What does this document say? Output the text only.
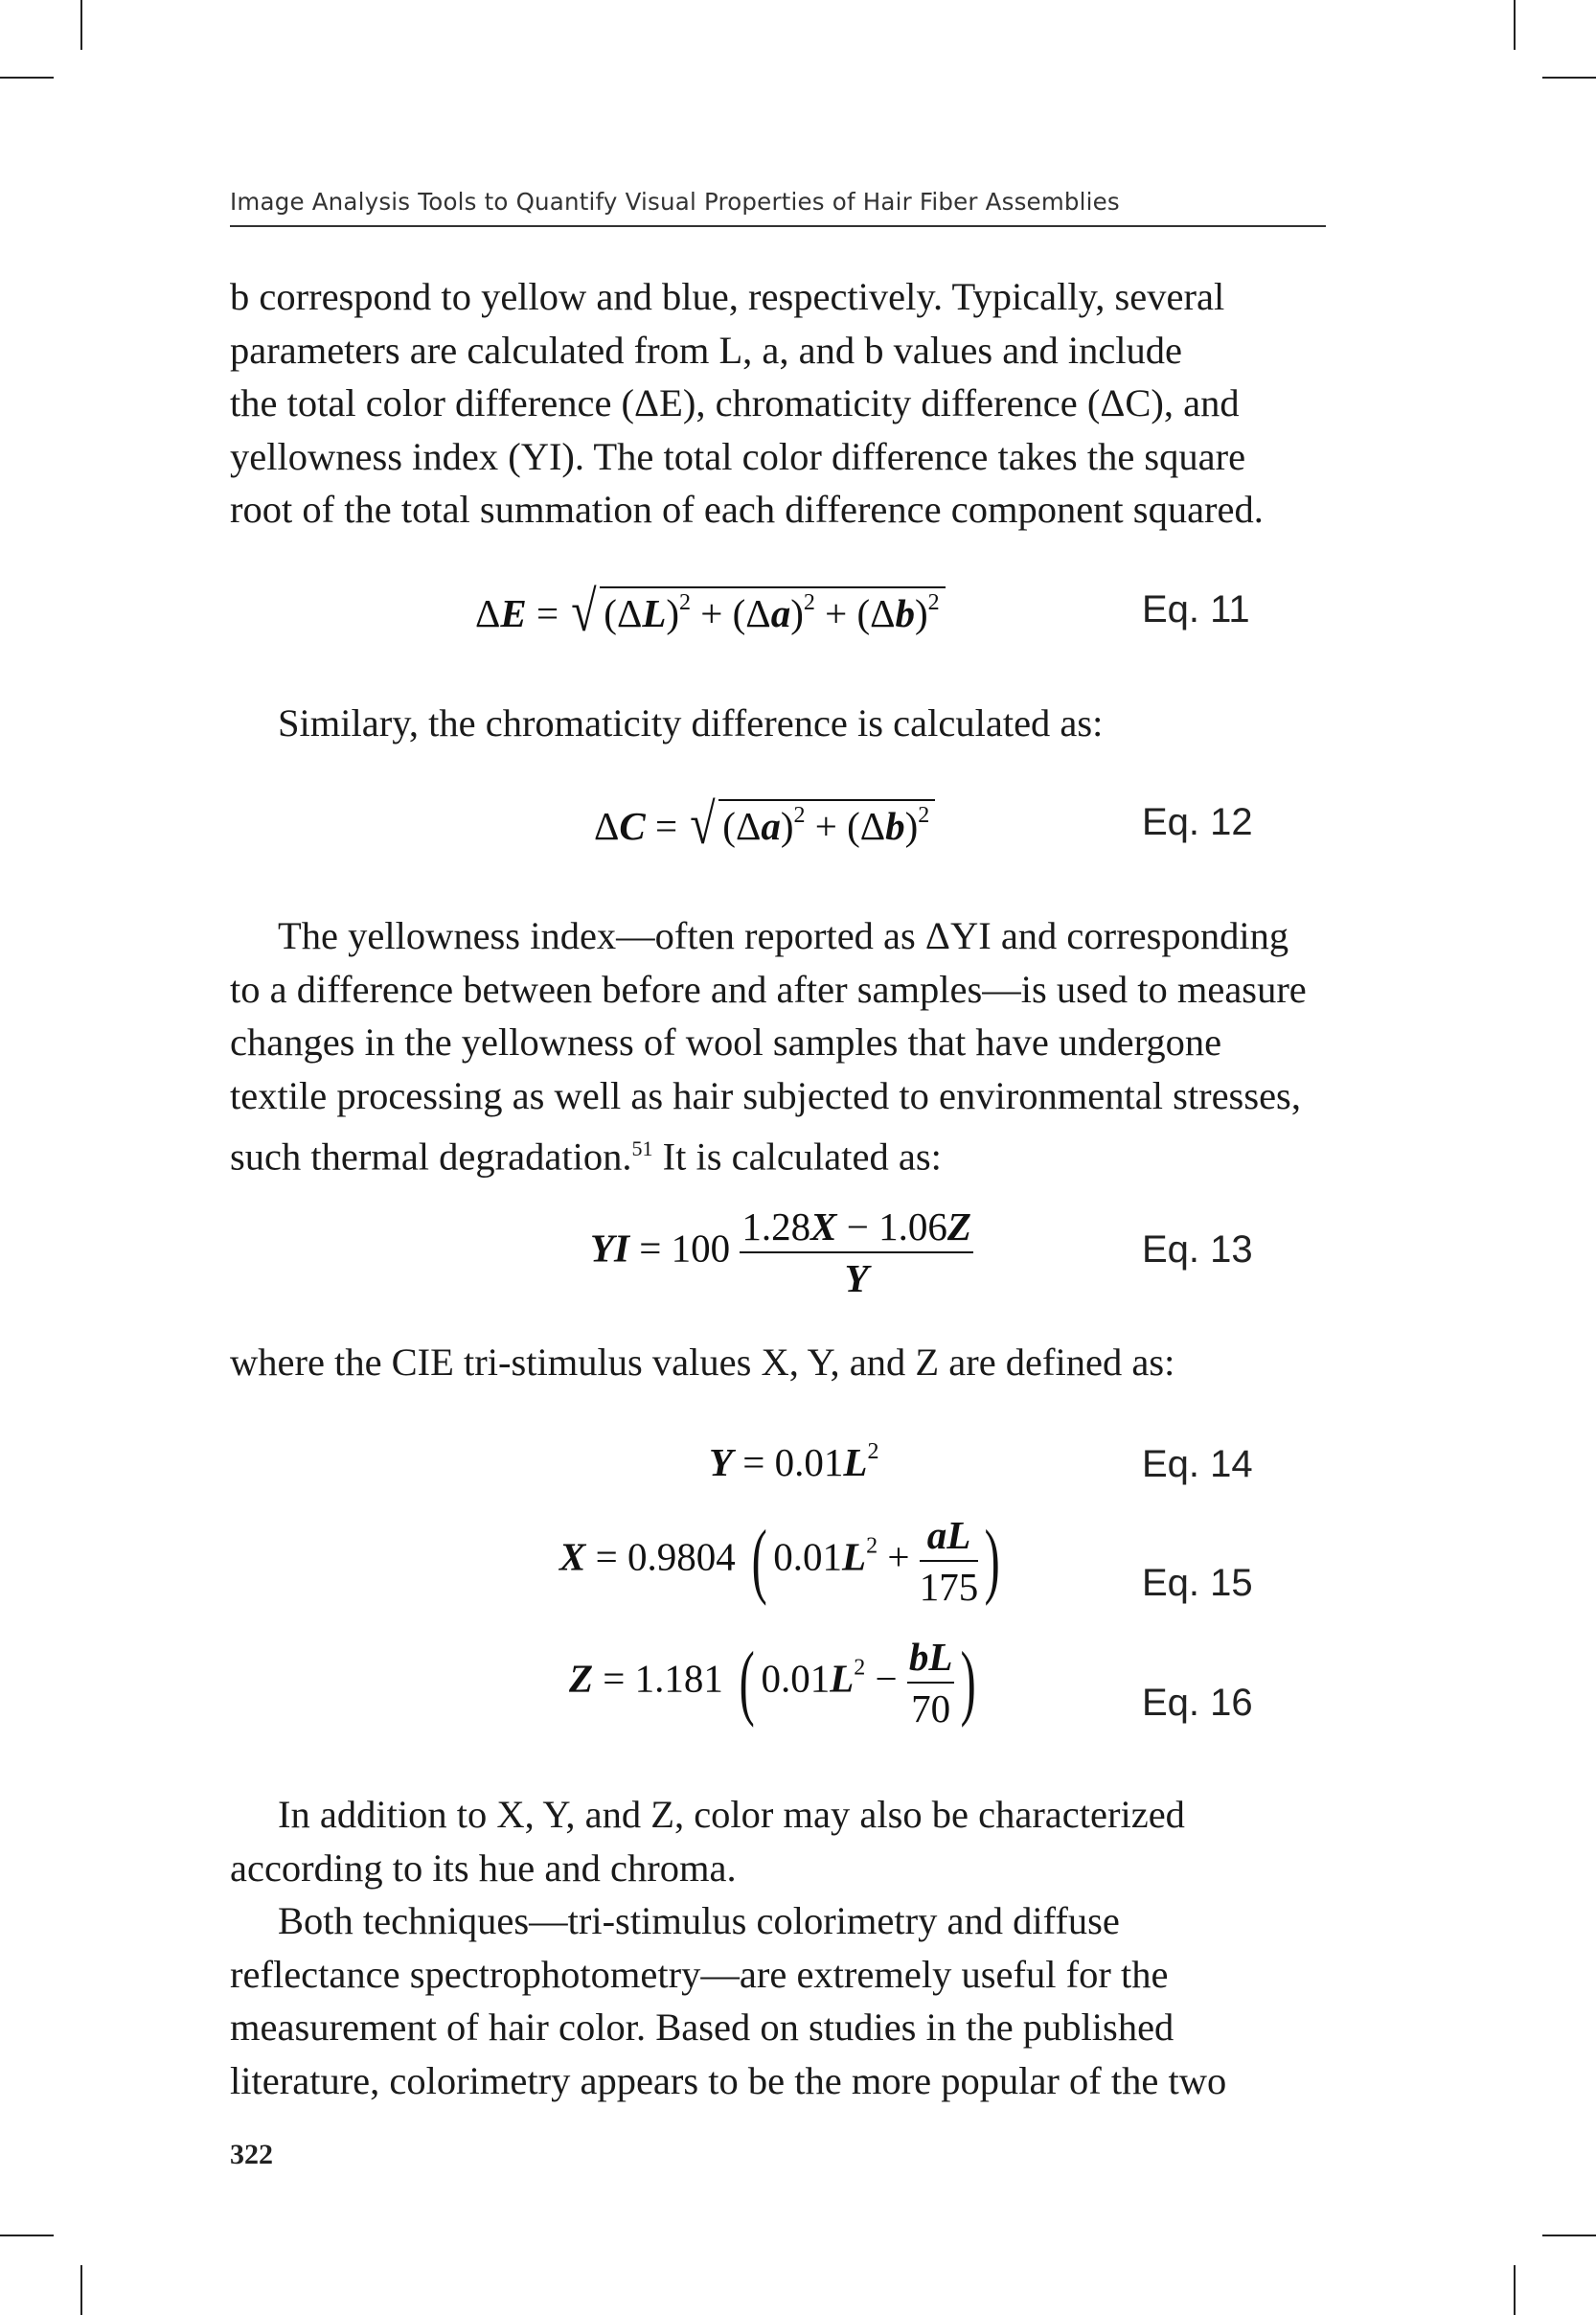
Image Analysis Tools to Quantify Visual Properties of Hair Fiber Assemblies

b correspond to yellow and blue, respectively. Typically, several

parameters are calculated from L, a, and b values and include

the total color difference (ΔE), chromaticity difference (ΔC), and

yellowness index (YI). The total color difference takes the square

root of the total summation of each difference component squared.

ΔE = √ $(\Delta L)^2 + (\Delta a)^2 + (\Delta b)^2$	Eq. 11

Similary, the chromaticity difference is calculated as:

ΔC = √ $(\Delta a)^2 + (\Delta b)^2$	Eq. 12

The yellowness index—often reported as ΔYI and corresponding

to a difference between before and after samples—is used to measure

changes in the yellowness of wool samples that have undergone

textile processing as well as hair subjected to environmental stresses,

such thermal degradation.$^{51}$ It is calculated as:

YI = $100 \frac{1.28X - 1.06Z}{Y}$	Eq. 13

where the CIE tri-stimulus values X, Y, and Z are defined as:

$Y = 0.01L^2$	Eq. 14
X = 0.9804 ( $0.01L^2 + \frac{aL}{175}$ )	Eq. 15
Z = 1.181 ( $0.01L^2 - \frac{bL}{70}$ )	Eq. 16

In addition to X, Y, and Z, color may also be characterized

according to its hue and chroma.

Both techniques—tri-stimulus colorimetry and diffuse

reflectance spectrophotometry—are extremely useful for the

measurement of hair color. Based on studies in the published

literature, colorimetry appears to be the more popular of the two

322
